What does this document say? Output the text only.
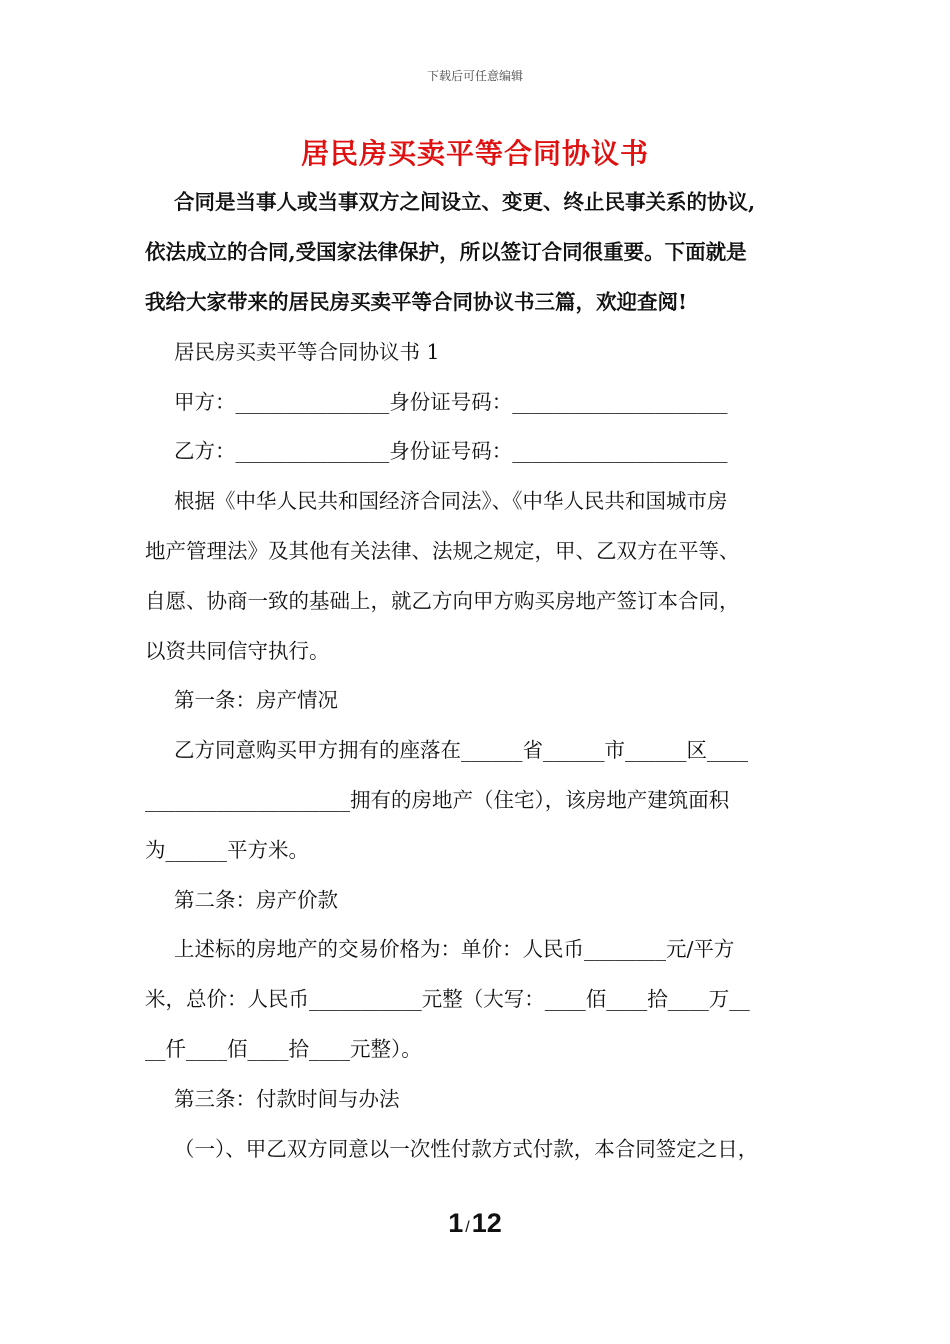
下载后可任意编辑
居民房买卖平等合同协议书
合同是当事人或当事双方之间设立、变更、终止民事关系的协议,
依法成立的合同,受国家法律保护，所以签订合同很重要。下面就是
我给大家带来的居民房买卖平等合同协议书三篇，欢迎查阅!
居民房买卖平等合同协议书 1
甲方：_______________身份证号码：_____________________
乙方：_______________身份证号码：_____________________
根据《中华人民共和国经济合同法》、《中华人民共和国城市房
地产管理法》及其他有关法律、法规之规定，甲、乙双方在平等、
自愿、协商一致的基础上，就乙方向甲方购买房地产签订本合同，
以资共同信守执行。
第一条：房产情况
乙方同意购买甲方拥有的座落在______省______市______区____
____________________拥有的房地产（住宅），该房地产建筑面积
为______平方米。
第二条：房产价款
上述标的房地产的交易价格为：单价：人民币________元/平方
米，总价：人民币___________元整（大写：____佰____拾____万__
__仟____佰____拾____元整）。
第三条：付款时间与办法
（一）、甲乙双方同意以一次性付款方式付款，本合同签定之日，
1 /12
